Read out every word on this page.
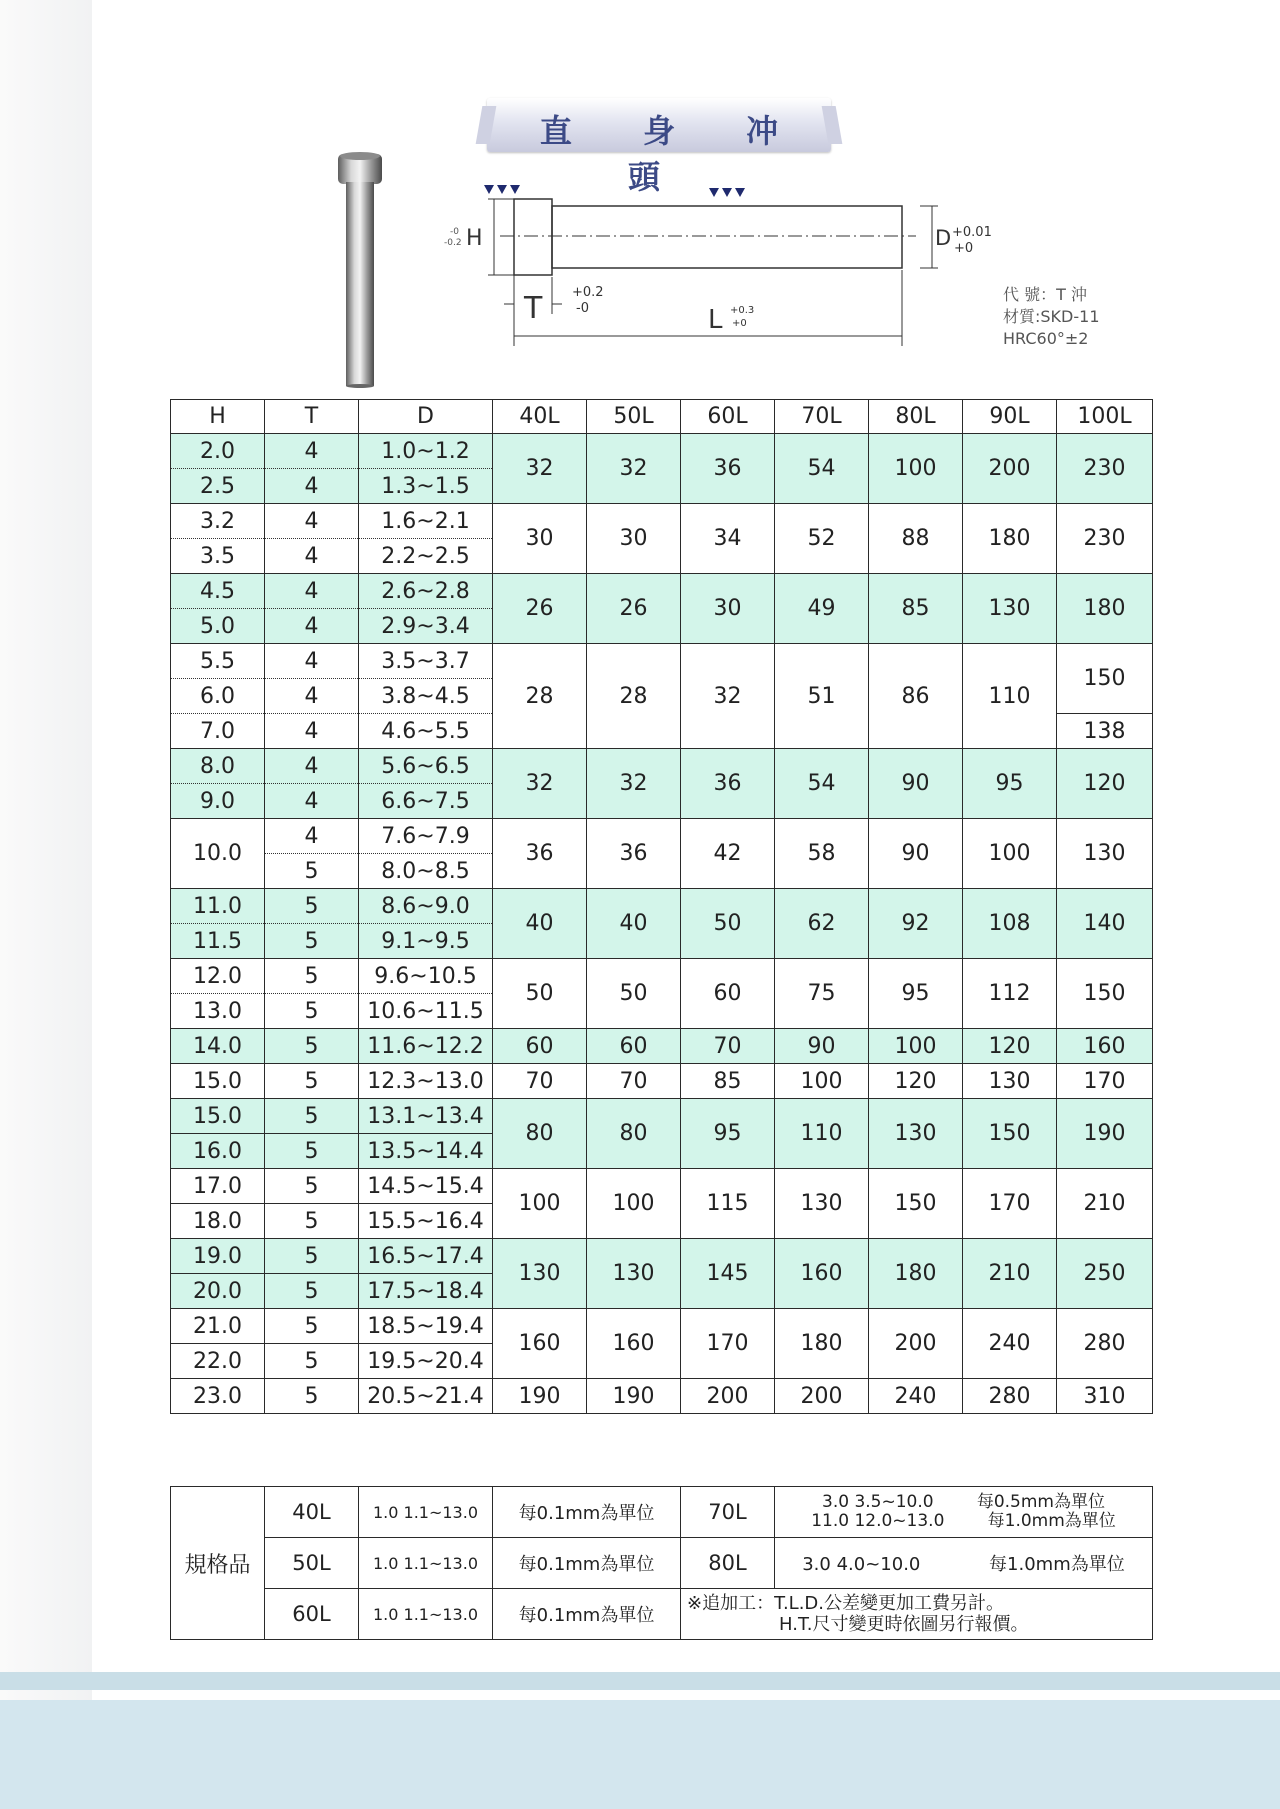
直 身 冲 頭
H
-0
-0.2	D +0.01
+0
T +0.2
-0	L +0.3
+0
代 號：T 沖
材質:SKD-11
HRC60°±2
H	T	D	40L	50L	60L	70L	80L	90L	100L
2.0	4	1.0~1.2	32	32	36	54	100	200	230
2.5	4	1.3~1.5							
3.2	4	1.6~2.1	30	30	34	52	88	180	230
3.5	4	2.2~2.5							
4.5	4	2.6~2.8	26	26	30	49	85	130	180
5.0	4	2.9~3.4							
5.5	4	3.5~3.7	28	28	32	51	86	110	150
6.0	4	3.8~4.5							
7.0	4	4.6~5.5							138
8.0	4	5.6~6.5	32	32	36	54	90	95	120
9.0	4	6.6~7.5							
10.0	4	7.6~7.9	36	36	42	58	90	100	130
	5	8.0~8.5							
11.0	5	8.6~9.0	40	40	50	62	92	108	140
11.5	5	9.1~9.5							
12.0	5	9.6~10.5	50	50	60	75	95	112	150
13.0	5	10.6~11.5							
14.0	5	11.6~12.2	60	60	70	90	100	120	160
15.0	5	12.3~13.0	70	70	85	100	120	130	170
15.0	5	13.1~13.4	80	80	95	110	130	150	190
16.0	5	13.5~14.4							
17.0	5	14.5~15.4	100	100	115	130	150	170	210
18.0	5	15.5~16.4							
19.0	5	16.5~17.4	130	130	145	160	180	210	250
20.0	5	17.5~18.4							
21.0	5	18.5~19.4	160	160	170	180	200	240	280
22.0	5	19.5~20.4							
23.0	5	20.5~21.4	190	190	200	200	240	280	310
規格品	40L	1.0 1.1~13.0	每0.1mm為單位	70L	3.0 3.5~10.0 每0.5mm為單位
11.0 12.0~13.0 每1.0mm為單位

	50L	1.0 1.1~13.0	每0.1mm為單位	80L	3.0 4.0~10.0 每1.0mm為單位
	60L	1.0 1.1~13.0	每0.1mm為單位	※追加工：T.L.D.公差變更加工費另計。
H.T.尺寸變更時依圖另行報價。	
